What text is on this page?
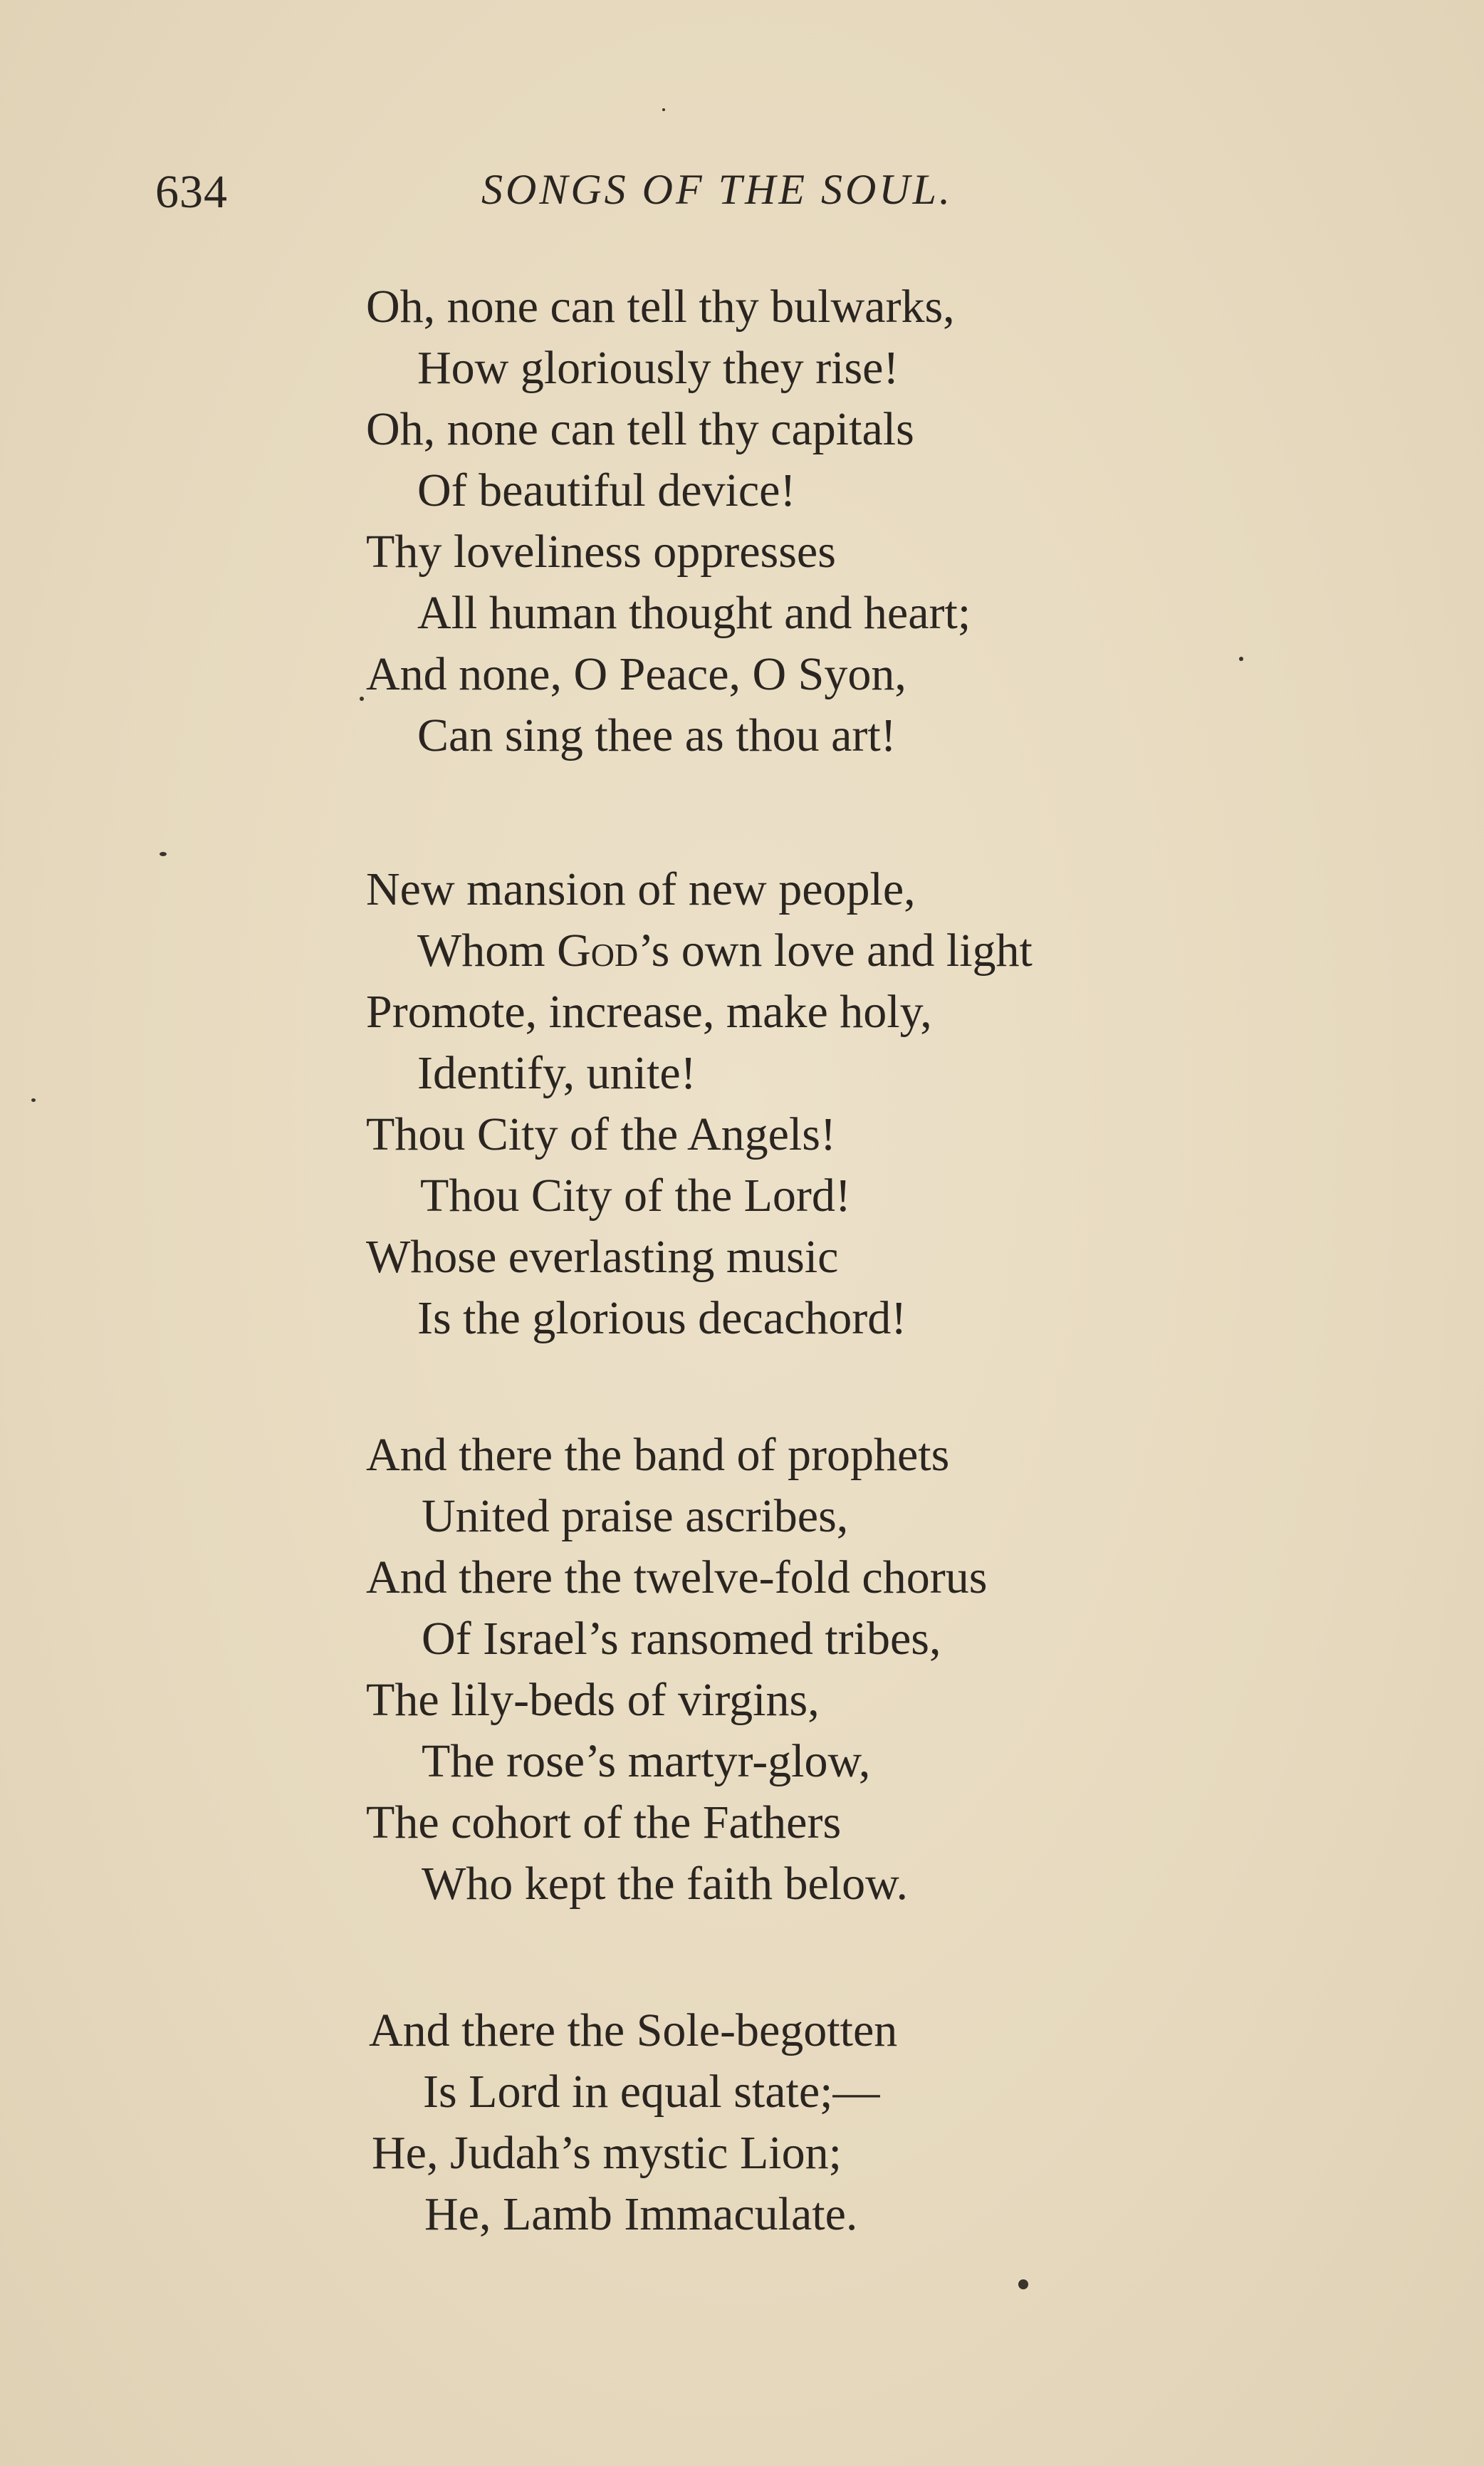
634	SONGS OF THE SOUL.
Oh, none can tell thy bulwarks,
How gloriously they rise!
Oh, none can tell thy capitals
Of beautiful device!
Thy loveliness oppresses
All human thought and heart;
And none, O Peace, O Syon,
Can sing thee as thou art!
New mansion of new people,
Whom God’s own love and light
Promote, increase, make holy,
Identify, unite!
Thou City of the Angels!
Thou City of the Lord!
Whose everlasting music
Is the glorious decachord!
And there the band of prophets
United praise ascribes,
And there the twelve-fold chorus
Of Israel’s ransomed tribes,
The lily-beds of virgins,
The rose’s martyr-glow,
The cohort of the Fathers
Who kept the faith below.
And there the Sole-begotten
Is Lord in equal state;—
He, Judah’s mystic Lion;
He, Lamb Immaculate.
